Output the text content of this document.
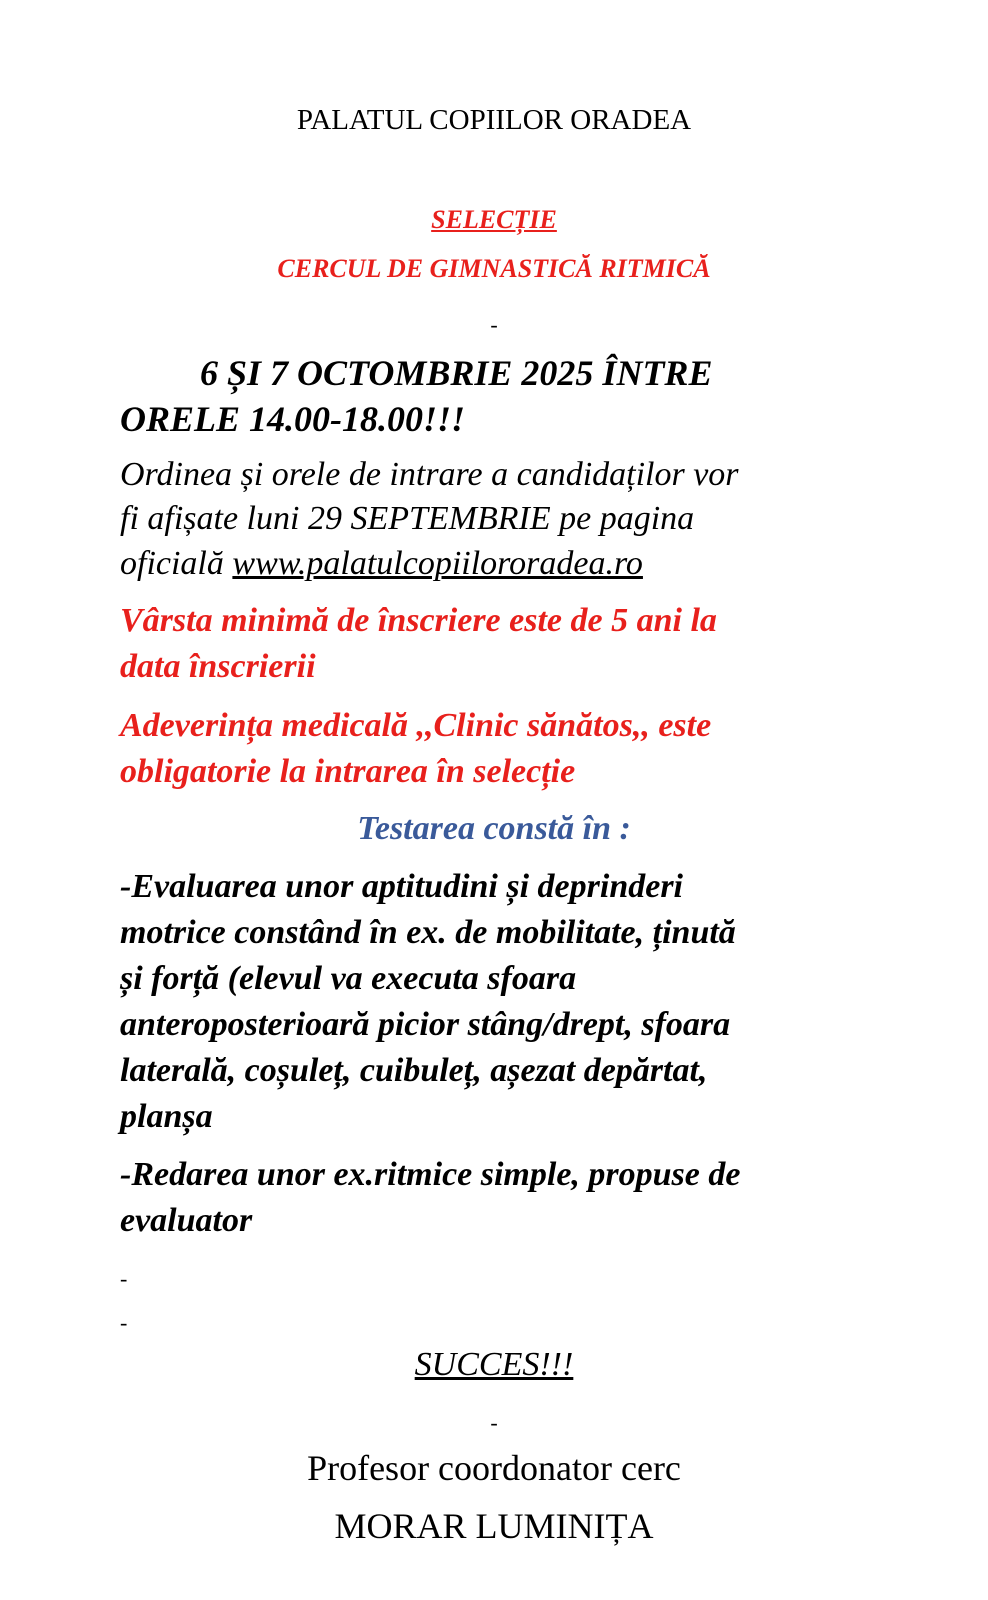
PALATUL COPIILOR ORADEA
SELECȚIE
CERCUL DE GIMNASTICĂ RITMICĂ
-
6 ȘI 7 OCTOMBRIE 2025 ÎNTRE
ORELE 14.00-18.00!!!
Ordinea și orele de intrare a candidaților vor
fi afișate luni 29 SEPTEMBRIE pe pagina
oficială www.palatulcopiilororadea.ro
Vârsta minimă de înscriere este de 5 ani la
data înscrierii
Adeverința medicală ,,Clinic sănătos,, este
obligatorie la intrarea în selecție
Testarea constă în :
-Evaluarea unor aptitudini și deprinderi
motrice constând în ex. de mobilitate, ținută
și forță (elevul va executa sfoara
anteroposterioară picior stâng/drept, sfoara
laterală, coșuleț, cuibuleț, așezat depărtat,
planșa
-Redarea unor ex.ritmice simple, propuse de
evaluator
-
-
SUCCES!!!
-
Profesor coordonator cerc
MORAR LUMINIȚA
